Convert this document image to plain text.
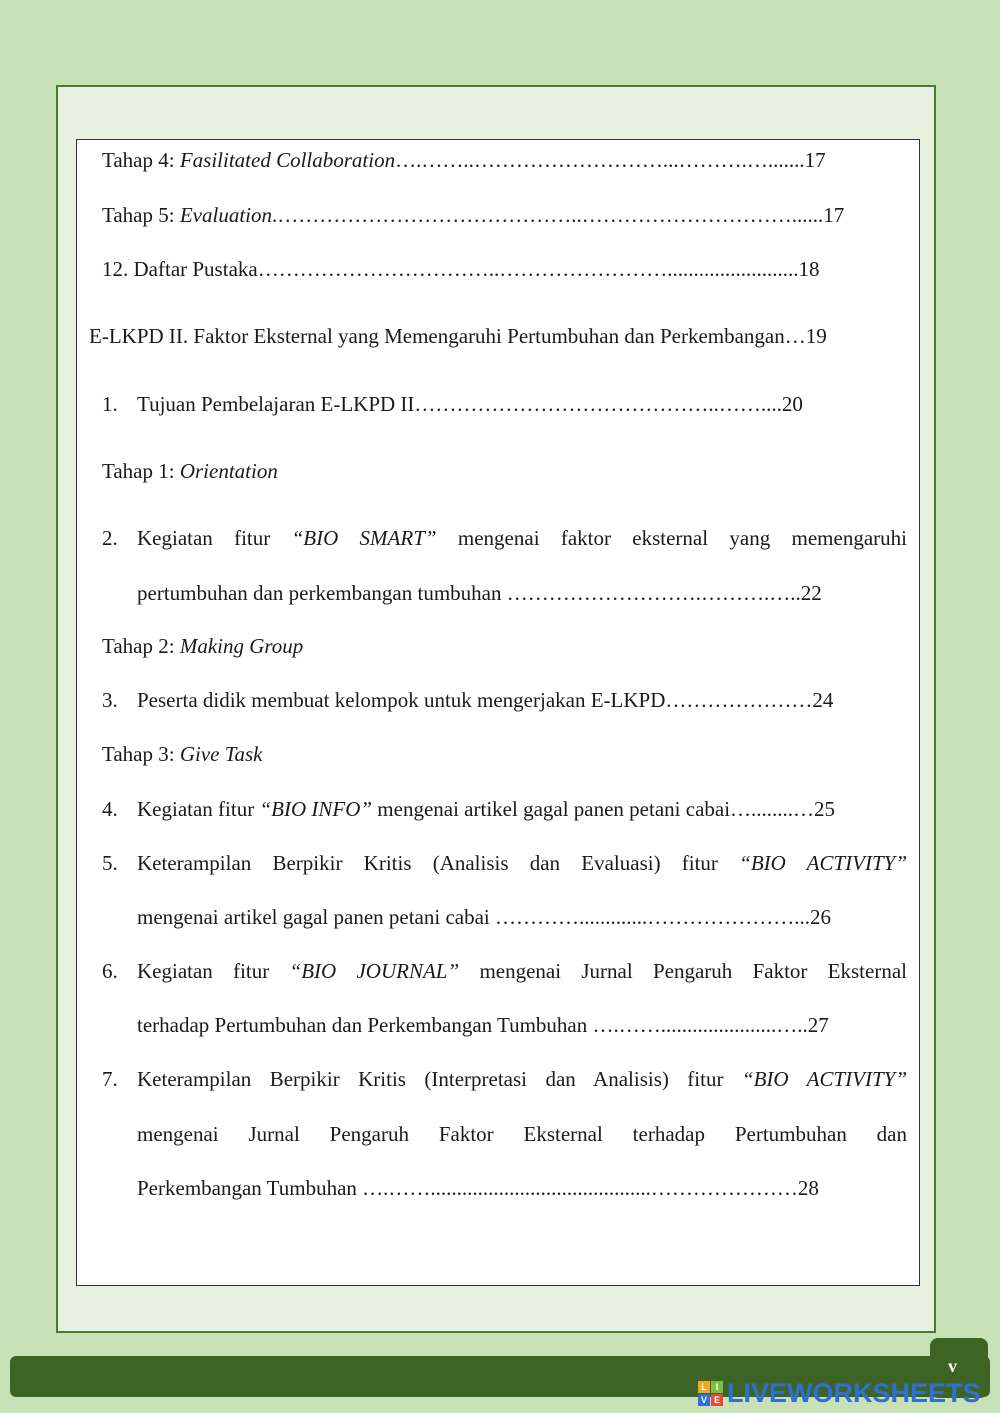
Tahap 4: Fasilitated Collaboration….……..………………………...……….….......17
Tahap 5: Evaluation.……………………………………..…………………………......17
12. Daftar Pustaka……………………………..…………………….........................18
E-LKPD II. Faktor Eksternal yang Memengaruhi Pertumbuhan dan Perkembangan…19
1. Tujuan Pembelajaran E-LKPD II……………………………………..……....20
Tahap 1: Orientation
2. Kegiatan fitur “BIO SMART” mengenai faktor eksternal yang memengaruhi
pertumbuhan dan perkembangan tumbuhan ……………………….……….…..22
Tahap 2: Making Group
3. Peserta didik membuat kelompok untuk mengerjakan E-LKPD…………………24
Tahap 3: Give Task
4. Kegiatan fitur “BIO INFO” mengenai artikel gagal panen petani cabai…........…25
5. Keterampilan Berpikir Kritis (Analisis dan Evaluasi) fitur “BIO ACTIVITY”
mengenai artikel gagal panen petani cabai ………….............…………………...26
6. Kegiatan fitur “BIO JOURNAL” mengenai Jurnal Pengaruh Faktor Eksternal
terhadap Pertumbuhan dan Perkembangan Tumbuhan ….……......................…..27
7. Keterampilan Berpikir Kritis (Interpretasi dan Analisis) fitur “BIO ACTIVITY”
mengenai Jurnal Pengaruh Faktor Eksternal terhadap Pertumbuhan dan
Perkembangan Tumbuhan ….……..........................................…………………28
v
L I
V E LIVEWORKSHEETS
